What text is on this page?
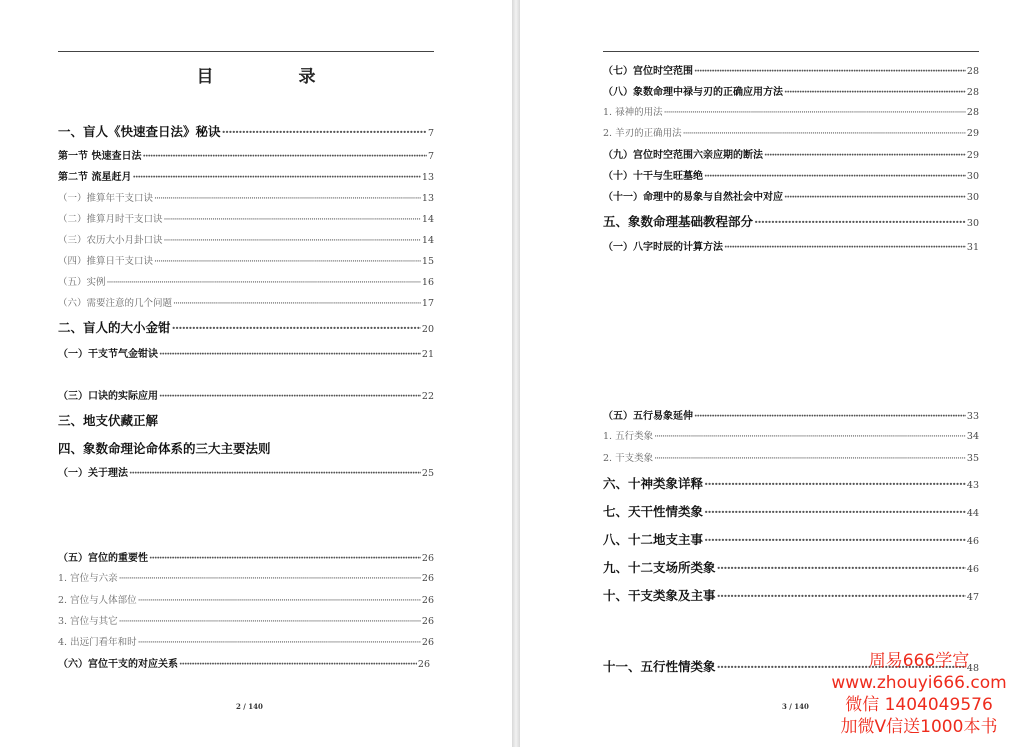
目　录
一、盲人《快速查日法》秘诀 ·····	7
第一节 快速查日法 ·····	7
第二节 流星赶月 ·····	13
（一）推算年干支口诀 ·····	13
（二）推算月时干支口诀 ·····	14
（三）农历大小月卦口诀 ·····	14
（四）推算日干支口诀 ·····	15
（五）实例 ·····	16
（六）需要注意的几个问题 ·····	17
二、盲人的大小金钳 ·····	20
（一）干支节气金钳诀 ·····	21
（三）口诀的实际应用 ·····	22
三、地支伏藏正解
四、象数命理论命体系的三大主要法则
（一）关于理法 ·····	25
（五）宫位的重要性 ·····	26
1. 宫位与六亲 ·····	26
2. 宫位与人体部位 ·····	26
3. 宫位与其它 ·····	26
4. 出远门看年和时 ·····	26
（六）宫位干支的对应关系 ·····	26
2 / 140
（七）宫位时空范围 ·····	28
（八）象数命理中禄与刃的正确应用方法 ·····	28
1. 禄神的用法 ·····	28
2. 羊刃的正确用法 ·····	29
（九）宫位时空范围六亲应期的断法 ·····	29
（十）十干与生旺墓绝 ·····	30
（十一）命理中的易象与自然社会中对应 ·····	30
五、象数命理基础教程部分 ·····	30
（一）八字时辰的计算方法 ·····	31
（五）五行易象延伸 ·····	33
1. 五行类象 ·····	34
2. 干支类象 ·····	35
六、十神类象详释 ·····	43
七、天干性情类象 ·····	44
八、十二地支主事 ·····	46
九、十二支场所类象 ·····	46
十、干支类象及主事 ·····	47
十一、五行性情类象 ·····	48
3 / 140
周易666学宫
www.zhouyi666.com
微信 1404049576
加微V信送1000本书
